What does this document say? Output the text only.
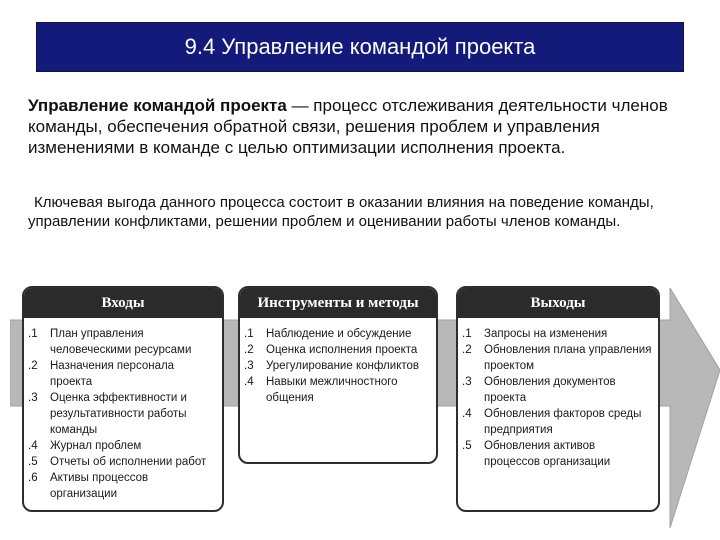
9.4 Управление командой проекта
Управление командой проекта — процесс отслеживания деятельности членов команды, обеспечения обратной связи, решения проблем и управления изменениями в команде с целью оптимизации исполнения проекта.
Ключевая выгода данного процесса состоит в оказании влияния на поведение команды, управлении конфликтами, решении проблем и оценивании работы членов команды.
Входы
.1	План управления человеческими ресурсами
.2	Назначения персонала проекта
.3	Оценка эффективности и результативности работы команды
.4	Журнал проблем
.5	Отчеты об исполнении работ
.6	Активы процессов организации
Инструменты и методы
.1	Наблюдение и обсуждение
.2	Оценка исполнения проекта
.3	Урегулирование конфликтов
.4	Навыки межличностного общения
Выходы
.1	Запросы на изменения
.2	Обновления плана управления проектом
.3	Обновления документов проекта
.4	Обновления факторов среды предприятия
.5	Обновления активов процессов организации
